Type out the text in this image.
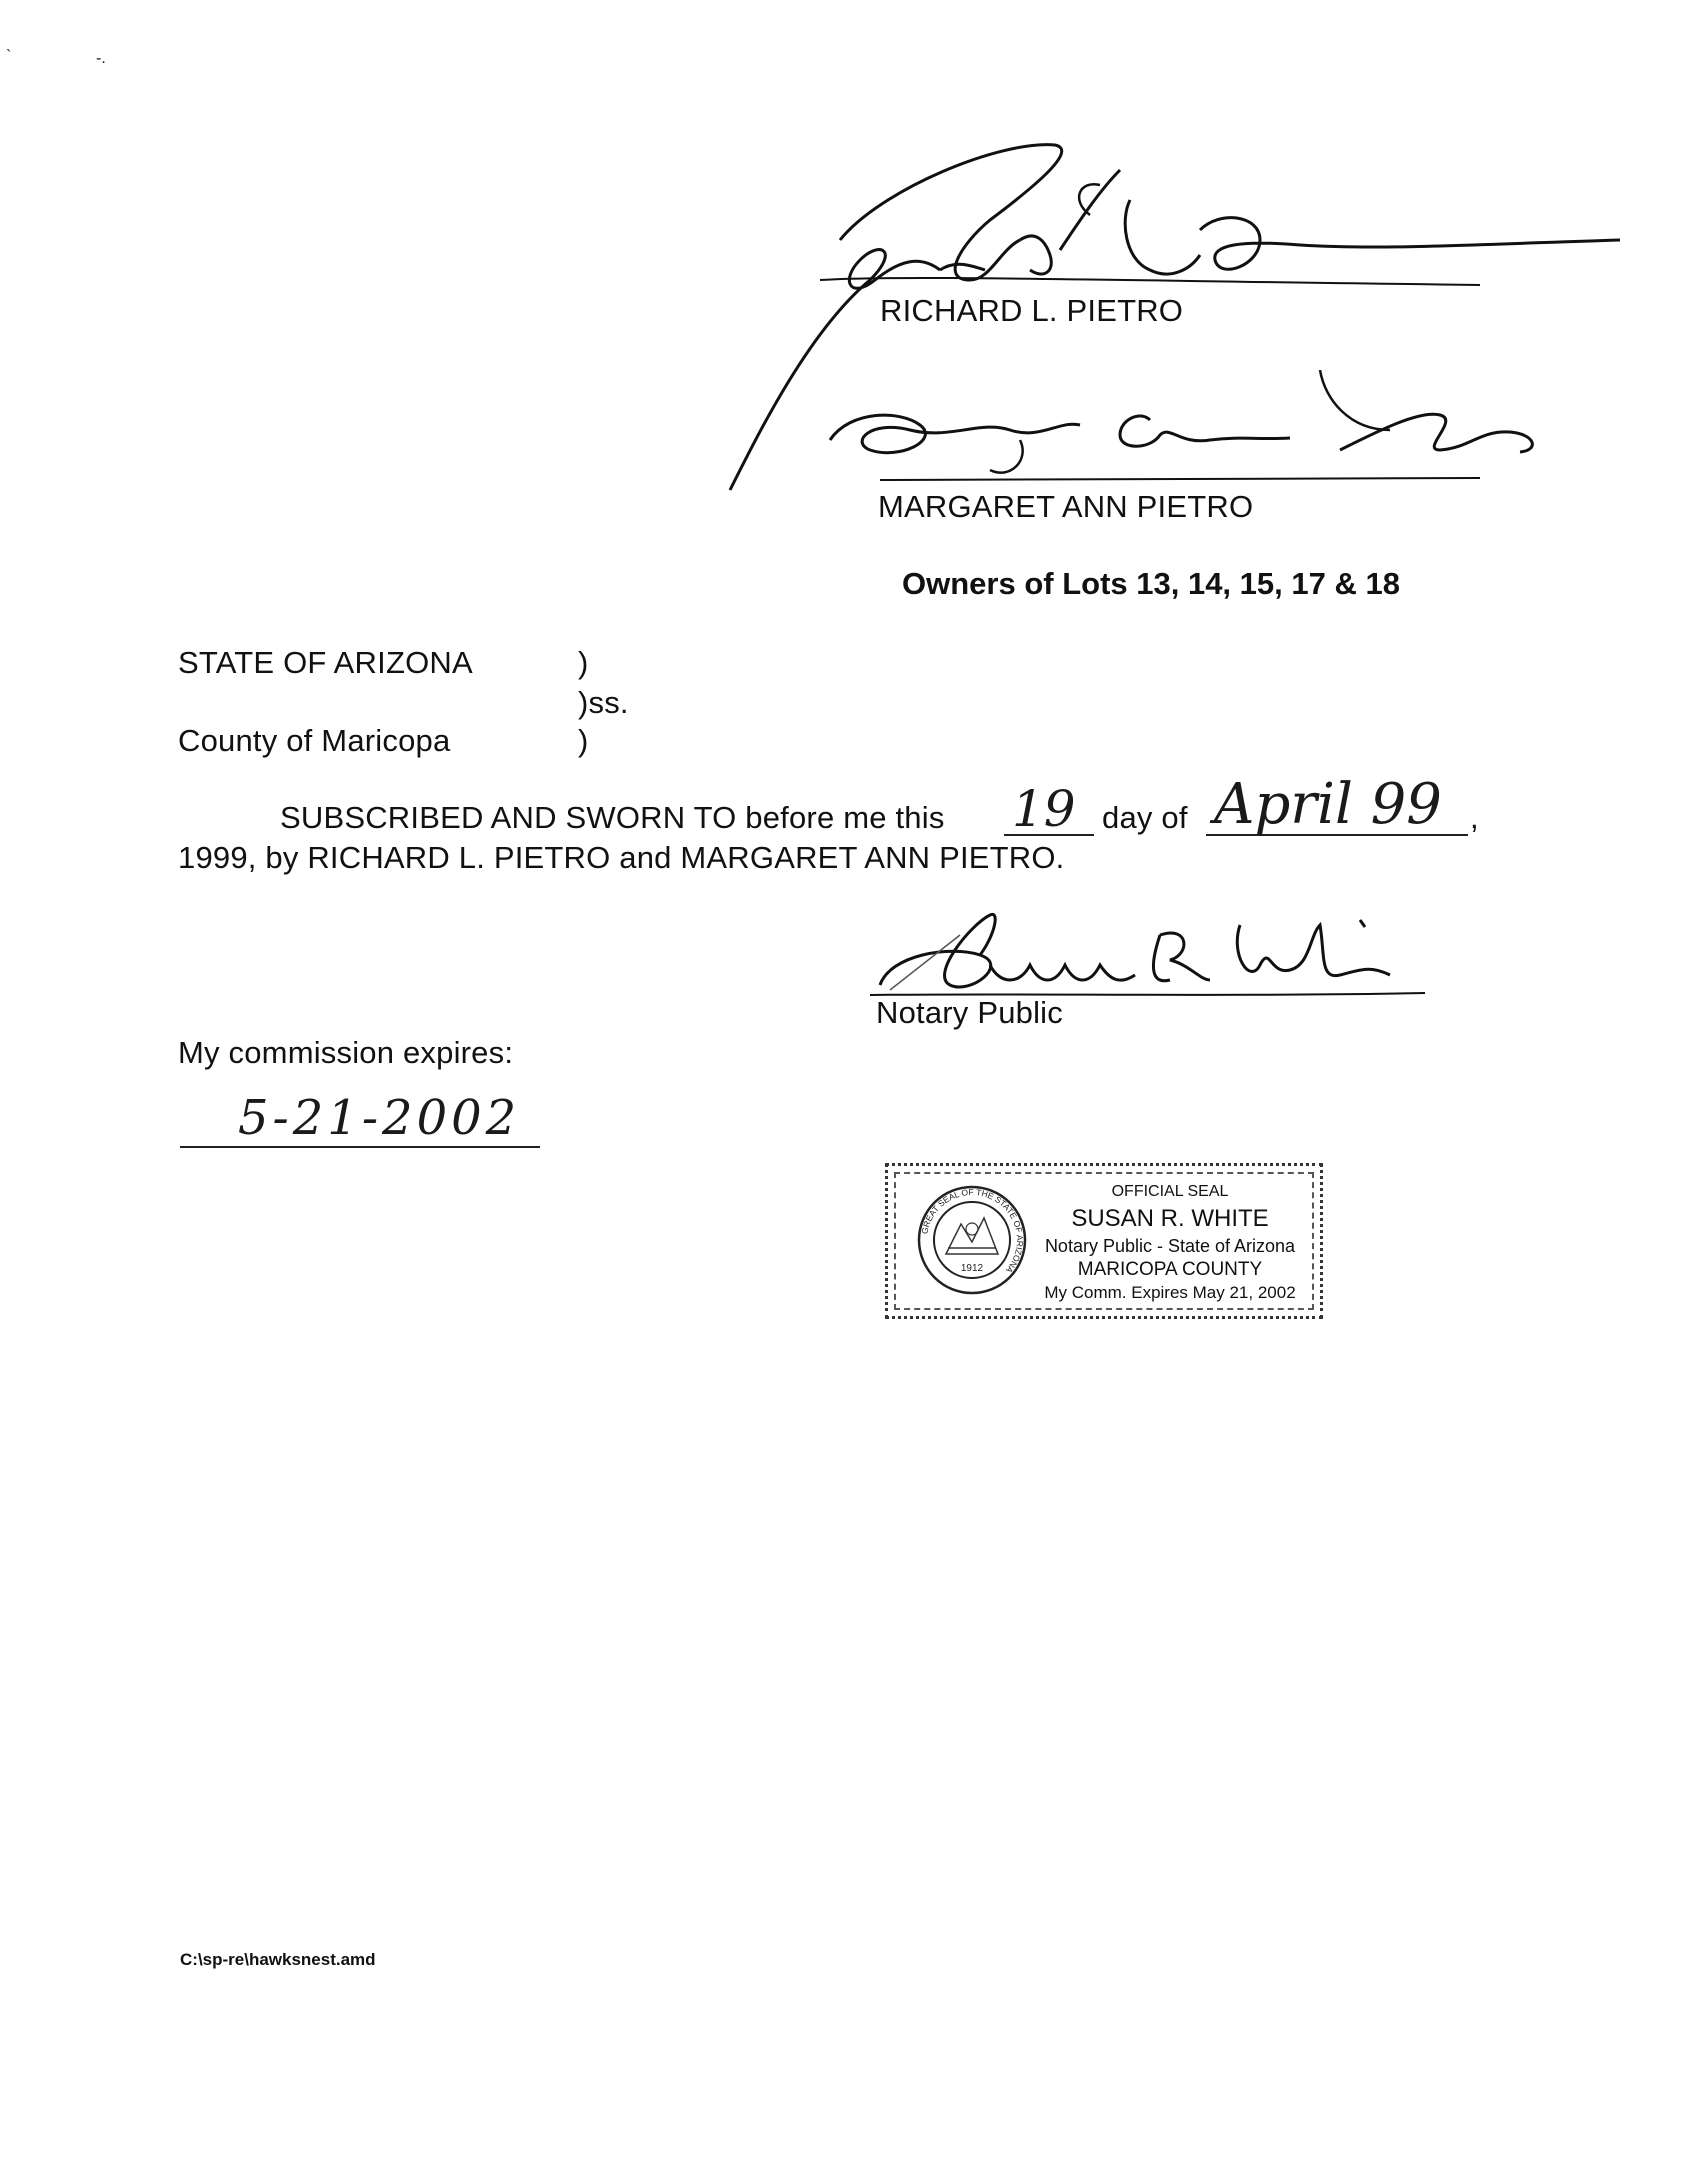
`	-.
RICHARD L. PIETRO
MARGARET ANN PIETRO
Owners of Lots 13, 14, 15, 17 & 18
STATE OF ARIZONA	)
)ss.
County of Maricopa	)
SUBSCRIBED AND SWORN TO before me this 19 day of April 99 ,
1999, by RICHARD L. PIETRO and MARGARET ANN PIETRO.
Notary Public
My commission expires:
5-21-2002
GREAT SEAL OF THE STATE OF ARIZONA
1912
OFFICIAL SEAL
SUSAN R. WHITE
Notary Public - State of Arizona
MARICOPA COUNTY
My Comm. Expires May 21, 2002
C:\sp-re\hawksnest.amd
